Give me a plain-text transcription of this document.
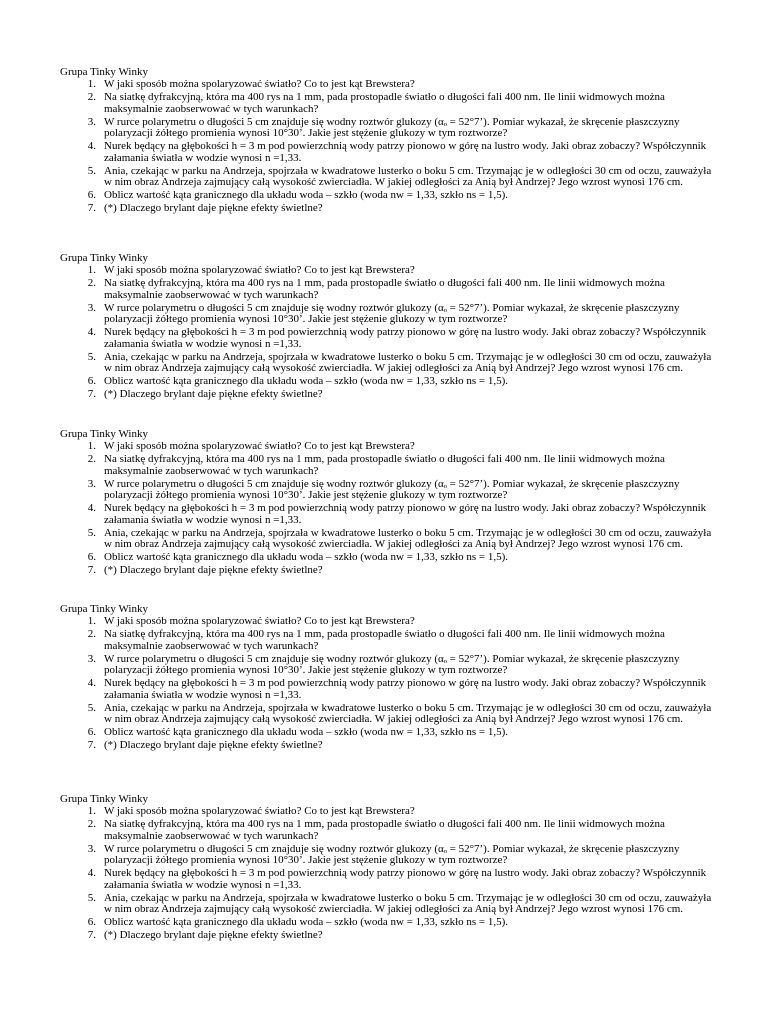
Grupa Tinky Winky
1. W jaki sposób można spolaryzować światło? Co to jest kąt Brewstera?
2. Na siatkę dyfrakcyjną, która ma 400 rys na 1 mm, pada prostopadle światło o długości fali 400 nm. Ile linii widmowych można maksymalnie zaobserwować w tych warunkach?
3. W rurce polarymetru o długości 5 cm znajduje się wodny roztwór glukozy (αₒ = 52°7’). Pomiar wykazał, że skręcenie płaszczyzny polaryzacji żółtego promienia wynosi 10°30’. Jakie jest stężenie glukozy w tym roztworze?
4. Nurek będący na głębokości h = 3 m pod powierzchnią wody patrzy pionowo w górę na lustro wody. Jaki obraz zobaczy? Współczynnik załamania światła w wodzie wynosi n =1,33.
5. Ania, czekając w parku na Andrzeja, spojrzała w kwadratowe lusterko o boku 5 cm. Trzymając je w odległości 30 cm od oczu, zauważyła w nim obraz Andrzeja zajmujący całą wysokość zwierciadła. W jakiej odległości za Anią był Andrzej? Jego wzrost wynosi 176 cm.
6. Oblicz wartość kąta granicznego dla układu woda – szkło (woda nw = 1,33, szkło ns = 1,5).
7. (*) Dlaczego brylant daje piękne efekty świetlne?
Grupa Tinky Winky
1. W jaki sposób można spolaryzować światło? Co to jest kąt Brewstera?
2. Na siatkę dyfrakcyjną, która ma 400 rys na 1 mm, pada prostopadle światło o długości fali 400 nm. Ile linii widmowych można maksymalnie zaobserwować w tych warunkach?
3. W rurce polarymetru o długości 5 cm znajduje się wodny roztwór glukozy (αₒ = 52°7’). Pomiar wykazał, że skręcenie płaszczyzny polaryzacji żółtego promienia wynosi 10°30’. Jakie jest stężenie glukozy w tym roztworze?
4. Nurek będący na głębokości h = 3 m pod powierzchnią wody patrzy pionowo w górę na lustro wody. Jaki obraz zobaczy? Współczynnik załamania światła w wodzie wynosi n =1,33.
5. Ania, czekając w parku na Andrzeja, spojrzała w kwadratowe lusterko o boku 5 cm. Trzymając je w odległości 30 cm od oczu, zauważyła w nim obraz Andrzeja zajmujący całą wysokość zwierciadła. W jakiej odległości za Anią był Andrzej? Jego wzrost wynosi 176 cm.
6. Oblicz wartość kąta granicznego dla układu woda – szkło (woda nw = 1,33, szkło ns = 1,5).
7. (*) Dlaczego brylant daje piękne efekty świetlne?
Grupa Tinky Winky
1. W jaki sposób można spolaryzować światło? Co to jest kąt Brewstera?
2. Na siatkę dyfrakcyjną, która ma 400 rys na 1 mm, pada prostopadle światło o długości fali 400 nm. Ile linii widmowych można maksymalnie zaobserwować w tych warunkach?
3. W rurce polarymetru o długości 5 cm znajduje się wodny roztwór glukozy (αₒ = 52°7’). Pomiar wykazał, że skręcenie płaszczyzny polaryzacji żółtego promienia wynosi 10°30’. Jakie jest stężenie glukozy w tym roztworze?
4. Nurek będący na głębokości h = 3 m pod powierzchnią wody patrzy pionowo w górę na lustro wody. Jaki obraz zobaczy? Współczynnik załamania światła w wodzie wynosi n =1,33.
5. Ania, czekając w parku na Andrzeja, spojrzała w kwadratowe lusterko o boku 5 cm. Trzymając je w odległości 30 cm od oczu, zauważyła w nim obraz Andrzeja zajmujący całą wysokość zwierciadła. W jakiej odległości za Anią był Andrzej? Jego wzrost wynosi 176 cm.
6. Oblicz wartość kąta granicznego dla układu woda – szkło (woda nw = 1,33, szkło ns = 1,5).
7. (*) Dlaczego brylant daje piękne efekty świetlne?
Grupa Tinky Winky
1. W jaki sposób można spolaryzować światło? Co to jest kąt Brewstera?
2. Na siatkę dyfrakcyjną, która ma 400 rys na 1 mm, pada prostopadle światło o długości fali 400 nm. Ile linii widmowych można maksymalnie zaobserwować w tych warunkach?
3. W rurce polarymetru o długości 5 cm znajduje się wodny roztwór glukozy (αₒ = 52°7’). Pomiar wykazał, że skręcenie płaszczyzny polaryzacji żółtego promienia wynosi 10°30’. Jakie jest stężenie glukozy w tym roztworze?
4. Nurek będący na głębokości h = 3 m pod powierzchnią wody patrzy pionowo w górę na lustro wody. Jaki obraz zobaczy? Współczynnik załamania światła w wodzie wynosi n =1,33.
5. Ania, czekając w parku na Andrzeja, spojrzała w kwadratowe lusterko o boku 5 cm. Trzymając je w odległości 30 cm od oczu, zauważyła w nim obraz Andrzeja zajmujący całą wysokość zwierciadła. W jakiej odległości za Anią był Andrzej? Jego wzrost wynosi 176 cm.
6. Oblicz wartość kąta granicznego dla układu woda – szkło (woda nw = 1,33, szkło ns = 1,5).
7. (*) Dlaczego brylant daje piękne efekty świetlne?
Grupa Tinky Winky
1. W jaki sposób można spolaryzować światło? Co to jest kąt Brewstera?
2. Na siatkę dyfrakcyjną, która ma 400 rys na 1 mm, pada prostopadle światło o długości fali 400 nm. Ile linii widmowych można maksymalnie zaobserwować w tych warunkach?
3. W rurce polarymetru o długości 5 cm znajduje się wodny roztwór glukozy (αₒ = 52°7’). Pomiar wykazał, że skręcenie płaszczyzny polaryzacji żółtego promienia wynosi 10°30’. Jakie jest stężenie glukozy w tym roztworze?
4. Nurek będący na głębokości h = 3 m pod powierzchnią wody patrzy pionowo w górę na lustro wody. Jaki obraz zobaczy? Współczynnik załamania światła w wodzie wynosi n =1,33.
5. Ania, czekając w parku na Andrzeja, spojrzała w kwadratowe lusterko o boku 5 cm. Trzymając je w odległości 30 cm od oczu, zauważyła w nim obraz Andrzeja zajmujący całą wysokość zwierciadła. W jakiej odległości za Anią był Andrzej? Jego wzrost wynosi 176 cm.
6. Oblicz wartość kąta granicznego dla układu woda – szkło (woda nw = 1,33, szkło ns = 1,5).
7. (*) Dlaczego brylant daje piękne efekty świetlne?
